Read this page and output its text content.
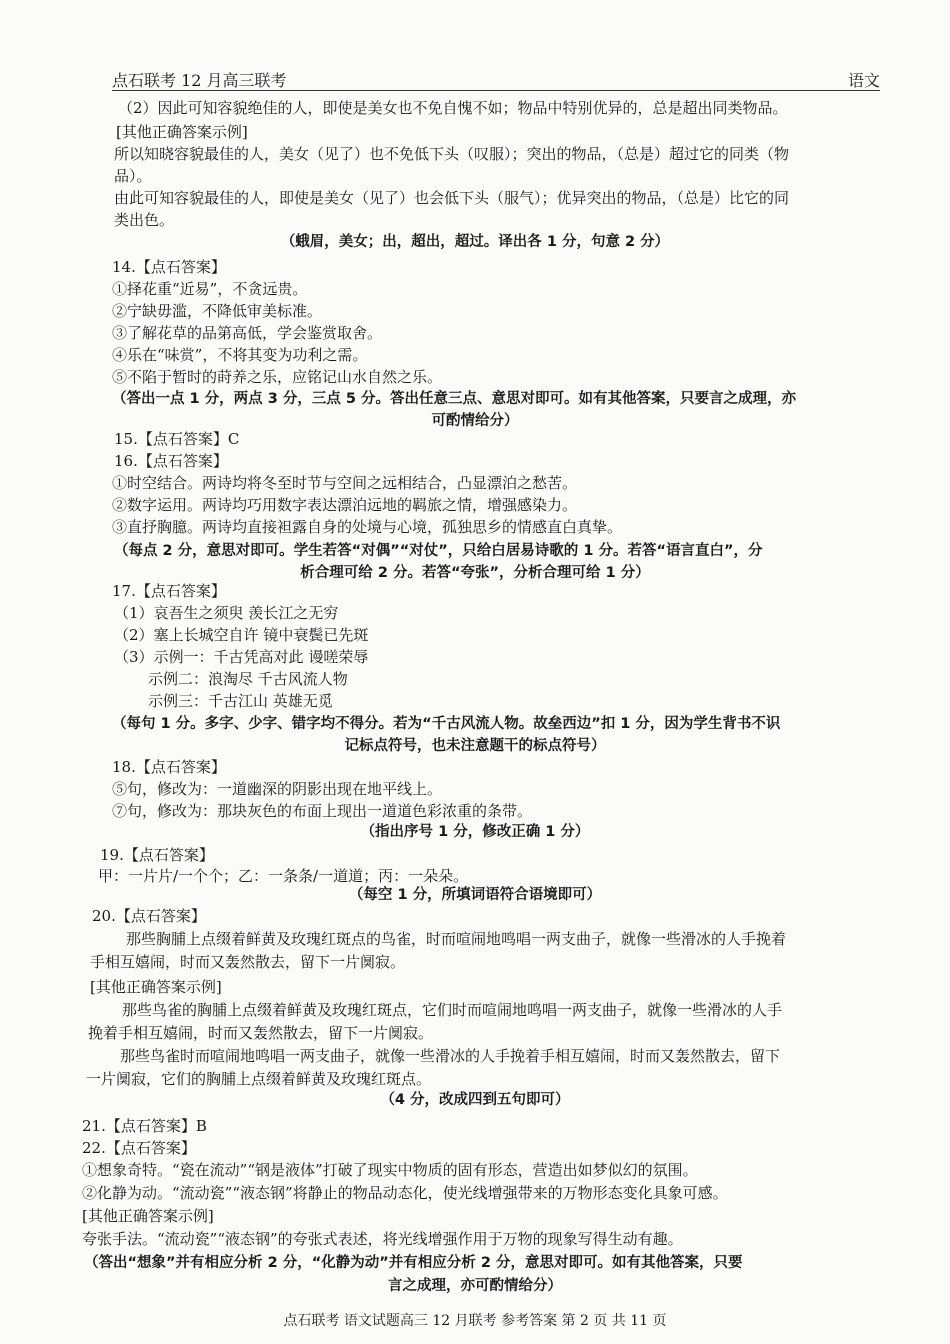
点石联考 12 月高三联考	语文
（2）因此可知容貌绝佳的人，即使是美女也不免自愧不如；物品中特别优异的，总是超出同类物品。
[其他正确答案示例]
所以知晓容貌最佳的人，美女（见了）也不免低下头（叹服）；突出的物品，（总是）超过它的同类（物
品）。
由此可知容貌最佳的人，即使是美女（见了）也会低下头（服气）；优异突出的物品，（总是）比它的同
类出色。
（蛾眉，美女；出，超出，超过。译出各 1 分，句意 2 分）
14.【点石答案】
①择花重“近易”，不贪远贵。
②宁缺毋滥，不降低审美标准。
③了解花草的品第高低，学会鉴赏取舍。
④乐在“味赏”，不将其变为功利之需。
⑤不陷于暂时的莳养之乐，应铭记山水自然之乐。
（答出一点 1 分，两点 3 分，三点 5 分。答出任意三点、意思对即可。如有其他答案，只要言之成理，亦
可酌情给分）
15.【点石答案】C
16.【点石答案】
①时空结合。两诗均将冬至时节与空间之远相结合，凸显漂泊之愁苦。
②数字运用。两诗均巧用数字表达漂泊远地的羁旅之情，增强感染力。
③直抒胸臆。两诗均直接袒露自身的处境与心境，孤独思乡的情感直白真挚。
（每点 2 分，意思对即可。学生若答“对偶”“对仗”，只给白居易诗歌的 1 分。若答“语言直白”，分
析合理可给 2 分。若答“夸张”，分析合理可给 1 分）
17.【点石答案】
（1）哀吾生之须臾 羡长江之无穷
（2）塞上长城空自许 镜中衰鬓已先斑
（3）示例一：千古凭高对此 谩嗟荣辱
示例二：浪淘尽 千古风流人物
示例三：千古江山 英雄无觅
（每句 1 分。多字、少字、错字均不得分。若为“千古风流人物。故垒西边”扣 1 分，因为学生背书不识
记标点符号，也未注意题干的标点符号）
18.【点石答案】
⑤句，修改为：一道幽深的阴影出现在地平线上。
⑦句，修改为：那块灰色的布面上现出一道道色彩浓重的条带。
（指出序号 1 分，修改正确 1 分）
19.【点石答案】
甲：一片片/一个个；乙：一条条/一道道；丙：一朵朵。
（每空 1 分，所填词语符合语境即可）
20.【点石答案】
那些胸脯上点缀着鲜黄及玫瑰红斑点的鸟雀，时而喧闹地鸣唱一两支曲子，就像一些滑冰的人手挽着
手相互嬉闹，时而又轰然散去，留下一片阒寂。
[其他正确答案示例]
那些鸟雀的胸脯上点缀着鲜黄及玫瑰红斑点，它们时而喧闹地鸣唱一两支曲子，就像一些滑冰的人手
挽着手相互嬉闹，时而又轰然散去，留下一片阒寂。
那些鸟雀时而喧闹地鸣唱一两支曲子，就像一些滑冰的人手挽着手相互嬉闹，时而又轰然散去，留下
一片阒寂，它们的胸脯上点缀着鲜黄及玫瑰红斑点。
（4 分，改成四到五句即可）
21.【点石答案】B
22.【点石答案】
①想象奇特。“瓷在流动”“钢是液体”打破了现实中物质的固有形态，营造出如梦似幻的氛围。
②化静为动。“流动瓷”“液态钢”将静止的物品动态化，使光线增强带来的万物形态变化具象可感。
[其他正确答案示例]
夸张手法。“流动瓷”“液态钢”的夸张式表述，将光线增强作用于万物的现象写得生动有趣。
（答出“想象”并有相应分析 2 分，“化静为动”并有相应分析 2 分，意思对即可。如有其他答案，只要
言之成理，亦可酌情给分）
点石联考 语文试题高三 12 月联考 参考答案 第 2 页 共 11 页
